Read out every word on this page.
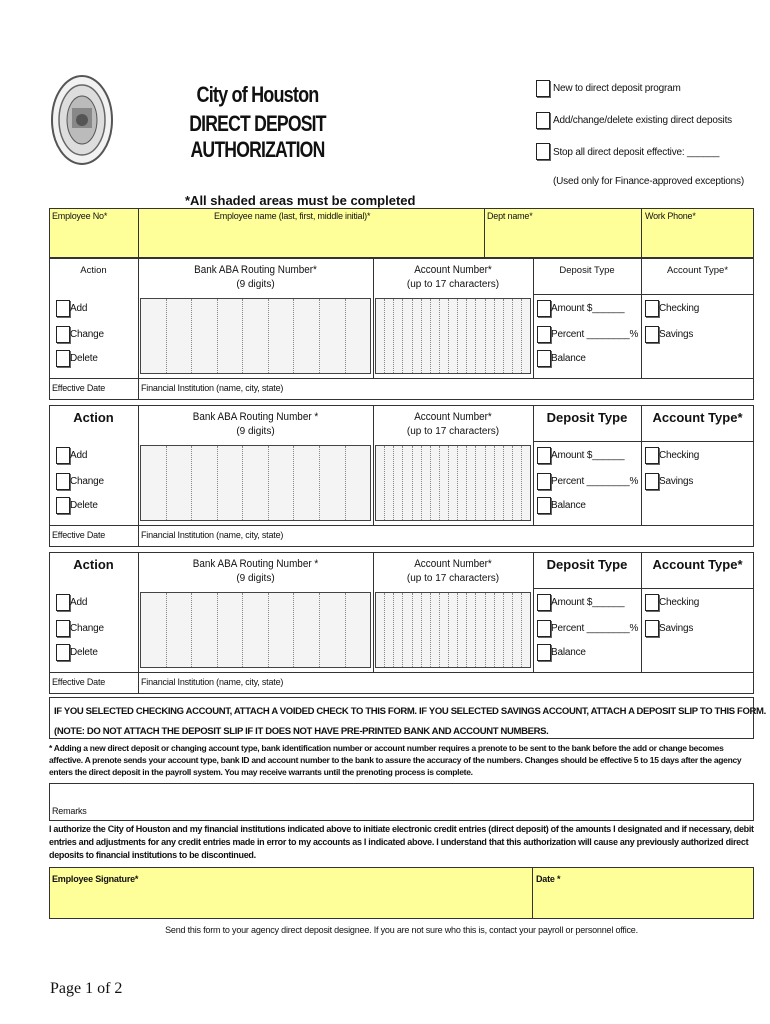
City of Houston
DIRECT DEPOSIT AUTHORIZATION
New to direct deposit program
Add/change/delete existing direct deposits
Stop all direct deposit effective: ______
(Used only for Finance-approved exceptions)
*All shaded areas must be completed
Employee No*	Employee name (last, first, middle initial)*	Dept name*	Work Phone*
Action	Bank ABA Routing Number*
(9 digits)
Account Number*
(up to 17 characters)
Deposit Type	Account Type*
Add
Change
Delete
Amount $______
Percent ________%
Balance
Checking
Savings
Effective Date	Financial Institution (name, city, state)
Action	Bank ABA Routing Number *
(9 digits)
Account Number*
(up to 17 characters)
Deposit Type	Account Type*
Add
Change
Delete
Amount $______
Percent ________%
Balance
Checking
Savings
Effective Date	Financial Institution (name, city, state)
Action	Bank ABA Routing Number *
(9 digits)
Account Number*
(up to 17 characters)
Deposit Type	Account Type*
Add
Change
Delete
Amount $______
Percent ________%
Balance
Checking
Savings
Effective Date	Financial Institution (name, city, state)
IF YOU SELECTED CHECKING ACCOUNT, ATTACH A VOIDED CHECK TO THIS FORM. IF YOU SELECTED SAVINGS ACCOUNT, ATTACH A DEPOSIT SLIP TO THIS FORM.
(NOTE: DO NOT ATTACH THE DEPOSIT SLIP IF IT DOES NOT HAVE PRE-PRINTED BANK AND ACCOUNT NUMBERS.
* Adding a new direct deposit or changing account type, bank identification number or account number requires a prenote to be sent to the bank before the add or change becomes affective. A prenote sends your account type, bank ID and account number to the bank to assure the accuracy of the numbers. Changes should be effective 5 to 15 days after the agency enters the direct deposit in the payroll system. You may receive warrants until the prenoting process is complete.
Remarks
I authorize the City of Houston and my financial institutions indicated above to initiate electronic credit entries (direct deposit) of the amounts I designated and if necessary, debit entries and adjustments for any credit entries made in error to my accounts as I indicated above. I understand that this authorization will cause any previously authorized direct deposits to financial institutions to be discontinued.
Employee Signature*	Date *
Send this form to your agency direct deposit designee. If you are not sure who this is, contact your payroll or personnel office.
Page 1 of 2
